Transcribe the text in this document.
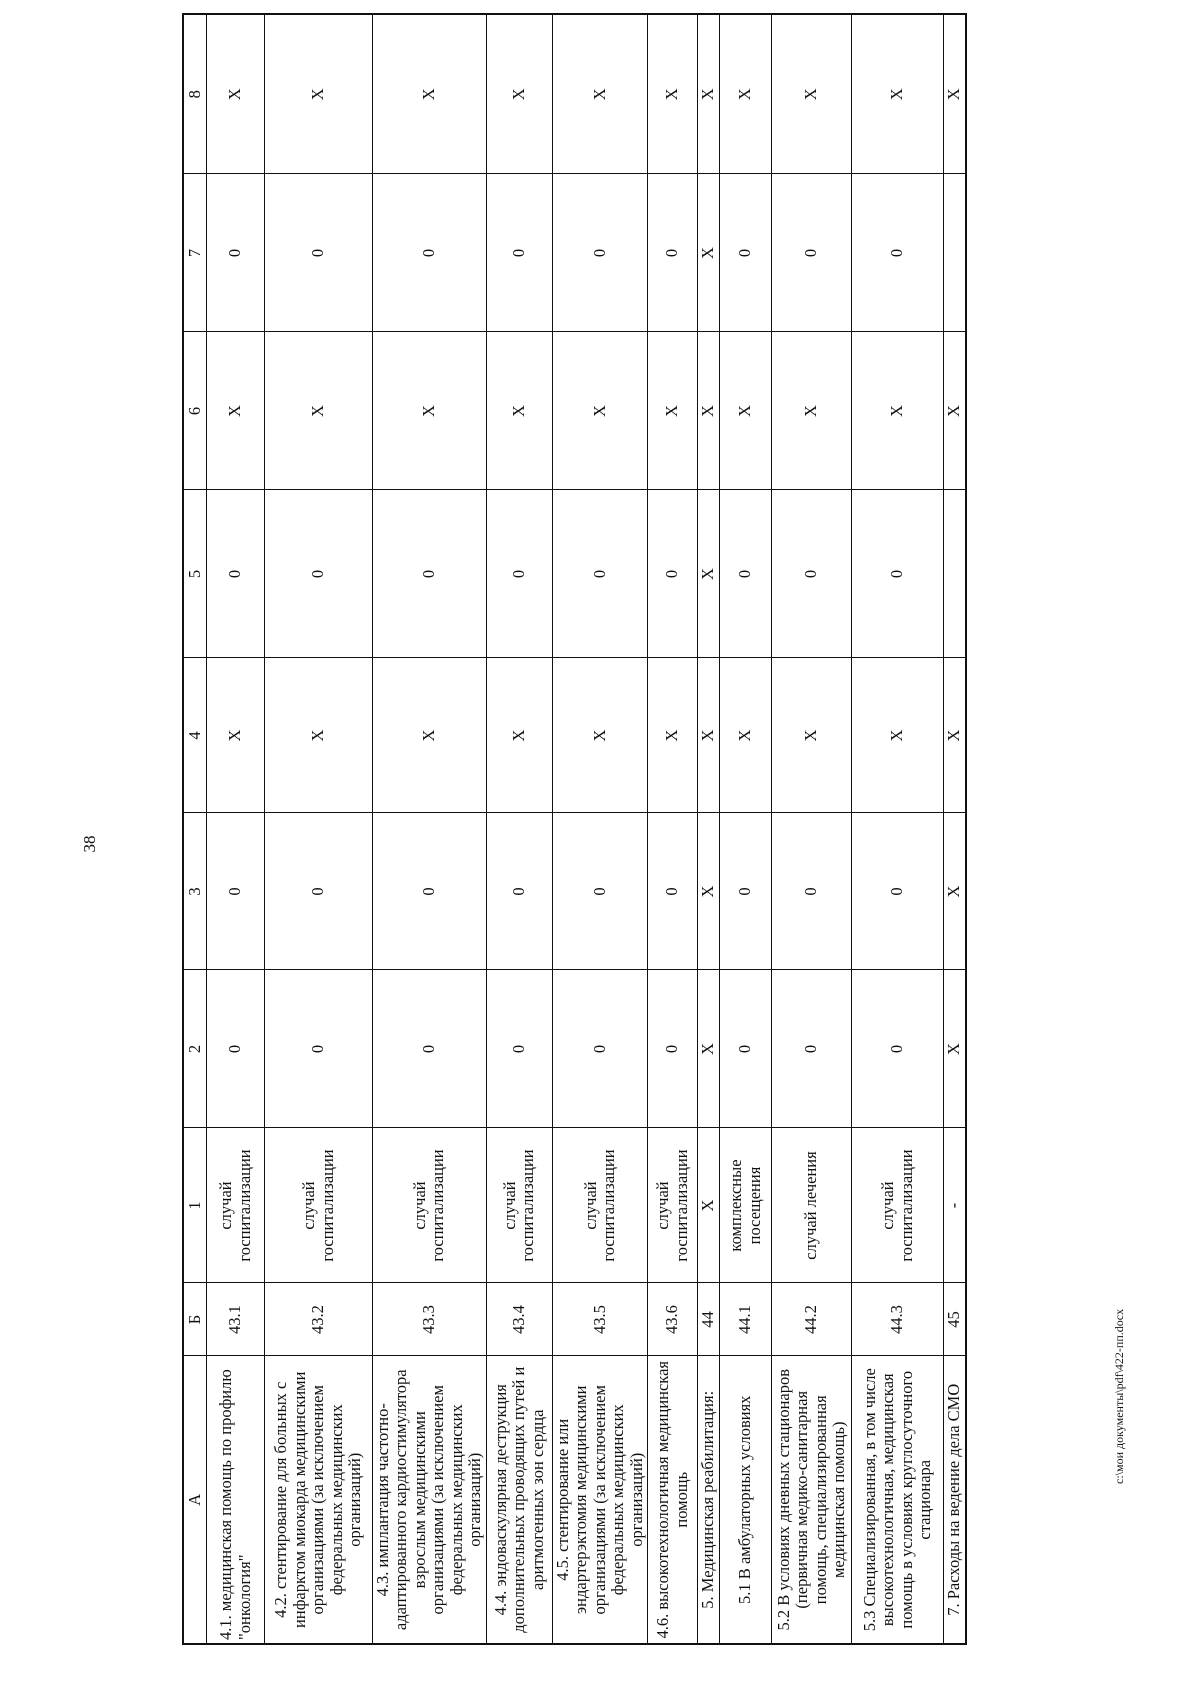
38
А	Б	1	2	3	4	5	6	7	8
4.1. медицинская помощь по профилю "онкология"	43.1	случай госпитализации	0	0	Х	0	Х	0	Х
4.2. стентирование для больных с инфарктом миокарда медицинскими организациями (за исключением федеральных медицинских организаций)	43.2	случай госпитализации	0	0	Х	0	Х	0	Х
4.3. имплантация частотно-адаптированного кардиостимулятора взрослым медицинскими организациями (за исключением федеральных медицинских организаций)	43.3	случай госпитализации	0	0	Х	0	Х	0	Х
4.4. эндоваскулярная деструкция дополнительных проводящих путей и аритмогенных зон сердца	43.4	случай госпитализации	0	0	Х	0	Х	0	Х
4.5. стентирование или эндартерэктомия медицинскими организациями (за исключением федеральных медицинских организаций)	43.5	случай госпитализации	0	0	Х	0	Х	0	Х
4.6. высокотехнологичная медицинская помощь	43.6	случай госпитализации	0	0	Х	0	Х	0	Х
5. Медицинская реабилитация:	44	Х	Х	Х	Х	Х	Х	Х	Х
5.1 В амбулаторных условиях	44.1	комплексные посещения	0	0	Х	0	Х	0	Х
5.2 В условиях дневных стационаров (первичная медико-санитарная помощь, специализированная медицинская помощь)	44.2	случай лечения	0	0	Х	0	Х	0	Х
5.3 Специализированная, в том числе высокотехнологичная, медицинская помощь в условиях круглосуточного стационара	44.3	случай госпитализации	0	0	Х	0	Х	0	Х
7. Расходы на ведение дела СМО	45	-	Х	Х	Х		Х		Х
c:\мои документы\pdf\422-пп.docx
